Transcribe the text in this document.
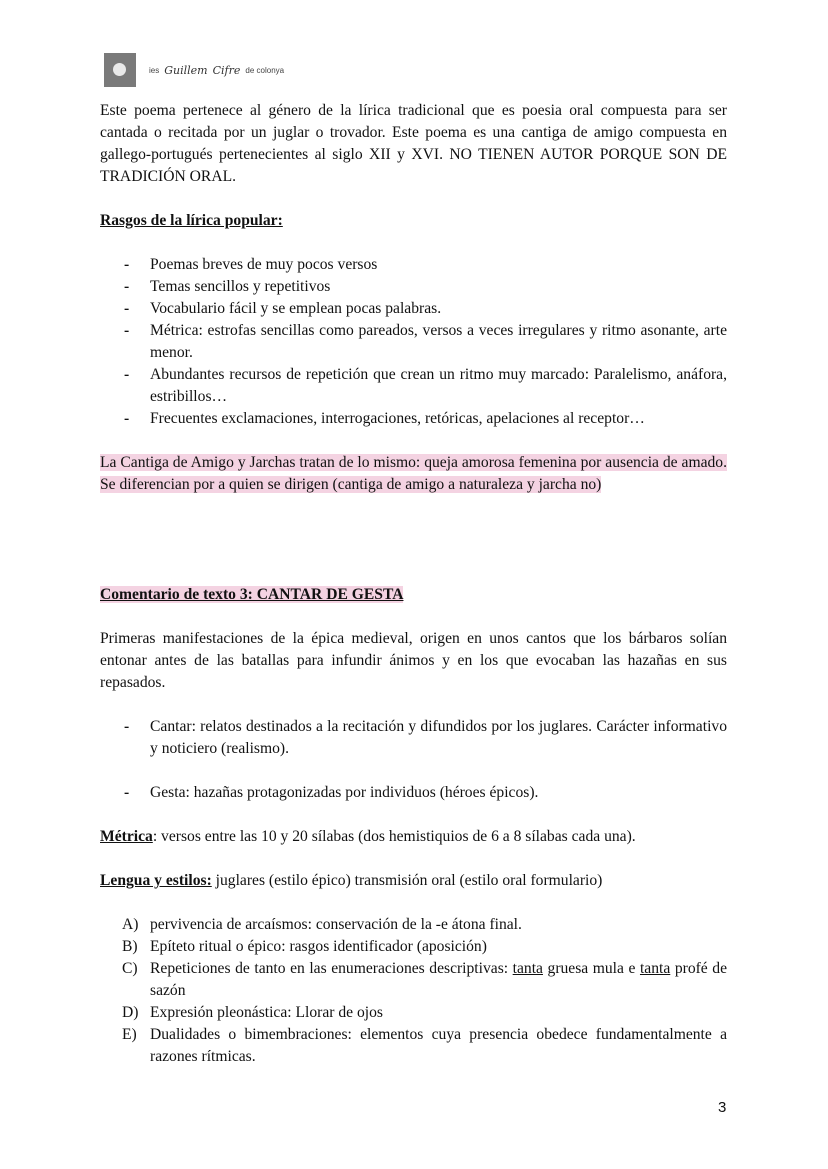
ies Guillem Cifre de colonya

Este poema pertenece al género de la lírica tradicional que es poesia oral compuesta para ser cantada o recitada por un juglar o trovador. Este poema es una cantiga de amigo compuesta en gallego-portugués pertenecientes al siglo XII y XVI. NO TIENEN AUTOR PORQUE SON DE TRADICIÓN ORAL.

Rasgos de la lírica popular:

- Poemas breves de muy pocos versos
- Temas sencillos y repetitivos
- Vocabulario fácil y se emplean pocas palabras.
- Métrica: estrofas sencillas como pareados, versos a veces irregulares y ritmo asonante, arte menor.
- Abundantes recursos de repetición que crean un ritmo muy marcado: Paralelismo, anáfora, estribillos…
- Frecuentes exclamaciones, interrogaciones, retóricas, apelaciones al receptor…

La Cantiga de Amigo y Jarchas tratan de lo mismo: queja amorosa femenina por ausencia de amado. Se diferencian por a quien se dirigen (cantiga de amigo a naturaleza y jarcha no)

Comentario de texto 3: CANTAR DE GESTA

Primeras manifestaciones de la épica medieval, origen en unos cantos que los bárbaros solían entonar antes de las batallas para infundir ánimos y en los que evocaban las hazañas en sus repasados.

- Cantar: relatos destinados a la recitación y difundidos por los juglares. Carácter informativo y noticiero (realismo).
- Gesta: hazañas protagonizadas por individuos (héroes épicos).

Métrica: versos entre las 10 y 20 sílabas (dos hemistiquios de 6 a 8 sílabas cada una).

Lengua y estilos: juglares (estilo épico) transmisión oral (estilo oral formulario)

A) pervivencia de arcaísmos: conservación de la -e átona final.
B) Epíteto ritual o épico: rasgos identificador (aposición)
C) Repeticiones de tanto en las enumeraciones descriptivas: tanta gruesa mula e tanta profé de sazón
D) Expresión pleonástica: Llorar de ojos
E) Dualidades o bimembraciones: elementos cuya presencia obedece fundamentalmente a razones rítmicas.
3
